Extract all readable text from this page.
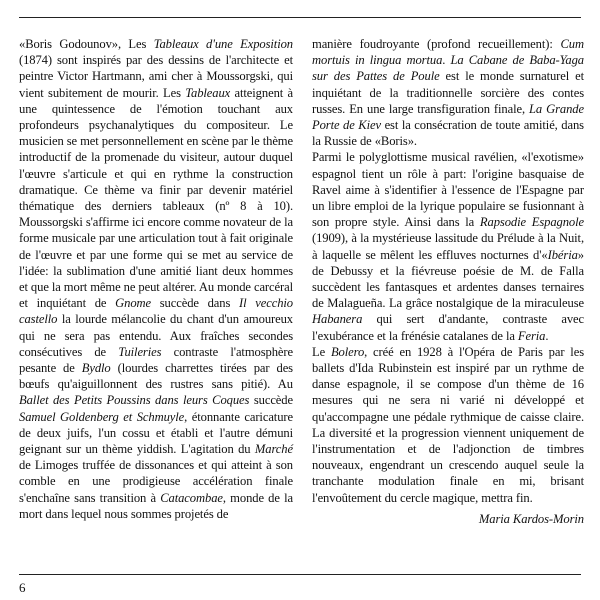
«Boris Godounov», Les Tableaux d'une Exposition (1874) sont inspirés par des dessins de l'architecte et peintre Victor Hartmann, ami cher à Moussorgski, qui vient subitement de mourir. Les Tableaux atteignent à une quintessence de l'émotion touchant aux profondeurs psychanalytiques du compositeur. Le musicien se met personnellement en scène par le thème introductif de la promenade du visiteur, autour duquel l'œuvre s'articule et qui en rythme la construction dramatique. Ce thème va finir par devenir matériel thématique des derniers tableaux (nº 8 à 10). Moussorgski s'affirme ici encore comme novateur de la forme musicale par une articulation tout à fait originale de l'œuvre et par une forme qui se met au service de l'idée: la sublimation d'une amitié liant deux hommes et que la mort même ne peut altérer. Au monde carcéral et inquiétant de Gnome succède dans Il vecchio castello la lourde mélancolie du chant d'un amoureux qui ne sera pas entendu. Aux fraîches secondes consécutives de Tuileries contraste l'atmosphère pesante de Bydlo (lourdes charrettes tirées par des bœufs qu'aiguillonnent des rustres sans pitié). Au Ballet des Petits Poussins dans leurs Coques succède Samuel Goldenberg et Schmuyle, étonnante caricature de deux juifs, l'un cossu et établi et l'autre démuni geignant sur un thème yiddish. L'agitation du Marché de Limoges truffée de dissonances et qui atteint à son comble en une prodigieuse accélération finale s'enchaîne sans transition à Catacombae, monde de la mort dans lequel nous sommes projetés de

manière foudroyante (profond recueillement): Cum mortuis in lingua mortua. La Cabane de Baba-Yaga sur des Pattes de Poule est le monde surnaturel et inquiétant de la traditionnelle sorcière des contes russes. En une large transfiguration finale, La Grande Porte de Kiev est la consécration de toute amitié, dans la Russie de «Boris».

Parmi le polyglottisme musical ravélien, «l'exotisme» espagnol tient un rôle à part: l'origine basquaise de Ravel aime à s'identifier à l'essence de l'Espagne par un libre emploi de la lyrique populaire se fusionnant à son propre style. Ainsi dans la Rapsodie Espagnole (1909), à la mystérieuse lassitude du Prélude à la Nuit, à laquelle se mêlent les effluves nocturnes d'«Ibéria» de Debussy et la fiévreuse poésie de M. de Falla succèdent les fantasques et ardentes danses ternaires de Malagueña. La grâce nostalgique de la miraculeuse Habanera qui sert d'andante, contraste avec l'exubérance et la frénésie catalanes de la Feria.

Le Bolero, créé en 1928 à l'Opéra de Paris par les ballets d'Ida Rubinstein est inspiré par un rythme de danse espagnole, il se compose d'un thème de 16 mesures qui ne sera ni varié ni développé et qu'accompagne une pédale rythmique de caisse claire. La diversité et la progression viennent uniquement de l'instrumentation et de l'adjonction de timbres nouveaux, engendrant un crescendo auquel seule la tranchante modulation finale en mi, brisant l'envoûtement du cercle magique, mettra fin.

Maria Kardos-Morin

6
